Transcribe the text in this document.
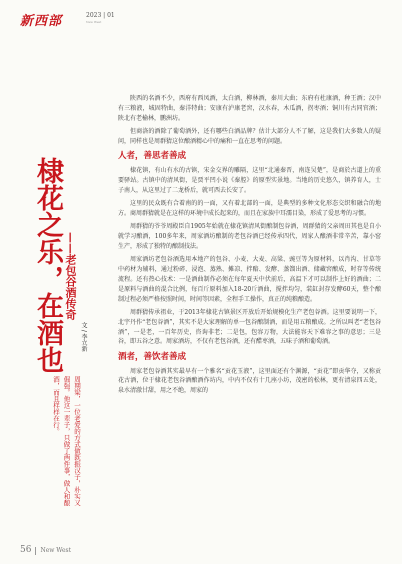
新西部	2023 | 01
New West
棣花之乐，在酒也 ——老包谷酒传奇
文 / 李立新
周期梁，一位老爱的方式做既振汉子，朴实又倔强。他这一辈子，只做了两件事，做人和酿酒，而且样样在行。

陕西的名酒不少，西府有西凤酒，太白酒，柳林酒，秦川大曲；东府有杜康酒，种王酒；汉中有三粮液，城固特曲，秦洋特曲；安康有泸康老窖，汉水春，木瓜酒，拐枣酒；铜川有古同官酒；陕北有老榆林，鹏洲坊。

但商洛的酒除了葡萄酒外，还有哪些白酒品牌？估计大部分人不了解，这是我们大多数人的疑问，同样也是周群猜这位酿酒精心中的痛和一直在思考的问题。

人者，善思者善成

棣花镇，有山有水的古镇，宋金交界的雕隔，这里“北通秦晋，南连吴楚”，是商於古道上的重要驿站。古镇中的清风街，是贾平凹小说《秦腔》的原型实景地。当地的历史悠久，镇养育人，士子南人，从这里过了二龙桥后，就可西去长安了。

这里的民众既有合着南的的一面，又有着北部的一面，是典型的多种文化形态交织和融合的地方。商周群猜就是在这样的环境中成长起来的，而且在家族中耳濡目染，形成了爱思考的习惯。

周群猜的爷爷周殿臣自1905年始就在棣花镇清风街酿制包谷酒，周群猜的父亲周田其也是自小就学习酿酒，100多年来，周家酒坊酿制的老包谷酒已经传承四代，周家人酿酒非常辛苦，靠小窑生产，形成了独特的酿制技法。

周家酒坊老包谷酒选用本地产的包谷、小麦、大麦、高粱、豌豆等为原材料，以肖沟、甘草等中药材为辅料，通过粉碎、浸泡、蒸熟、摊凉、拌醅、发酵、蒸馏出酒、储藏窖酿成，时存等传统流程。还有热心技术：一是酒曲制作必须在每年夏天中伏前后，高温下才可以制作上好的酒曲；二是原料与酒曲的混合比例，每百斤原料加入18-20斤酒曲，搅拌均匀，装缸封存发酵60天，整个酿制过程必须严格按照时间，时间等因素，全程手工操作，真正的纯粮酿造。

周群猜传承祖业，于2013年棣花古镇景区开放后开始规模化生产老包谷酒。这里要说明一下，北宇丹作“老包谷酒”，其实不是大家理解的单一包谷酿制酒，而是用五粮酿成。之所以叫老“老包谷酒”，一是老，一百年历史，咨询非老；二是包，包容万物，大法能容天下难容之事的意思；三是谷，即五谷之意。周家酒坊，不仅有老包谷酒，还有醋枣酒，五味子酒和葡萄酒。

酒者，善饮者善成

周家老包谷酒其实最早有一个雅名“贡花玉液”，这里面还有个渊源，“贡花”即贡华夺，又称贡花古酒，位于棣花老包谷酒酿酒作坊内，中内不仅有十几座小坊，茂密的松林，更有清泉四五处，泉水清澈甘甜，用之不绝，周家的

56 New West
